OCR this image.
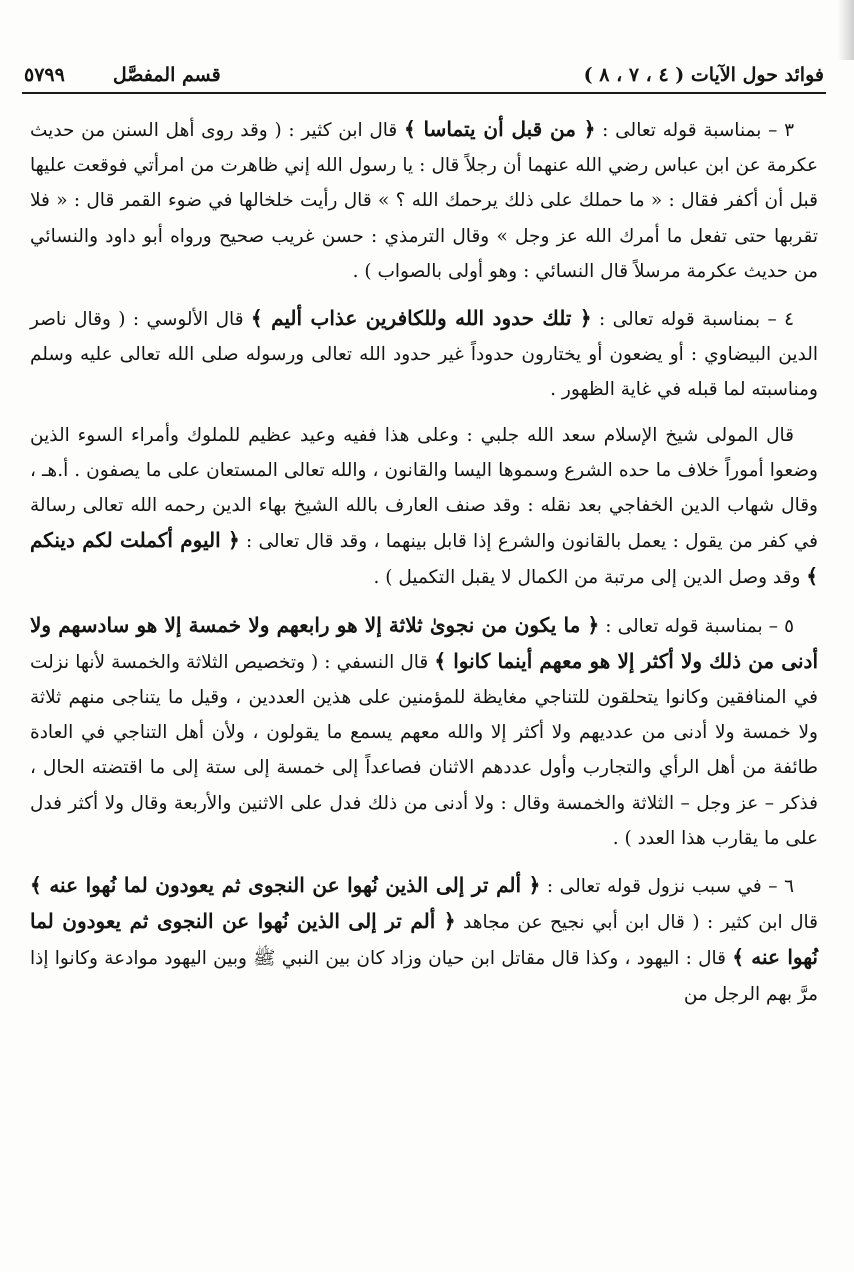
فوائد حول الآيات ( ٤ ، ٧ ، ٨ )
قسم المفصَّل
٥٧٩٩

٣ – بمناسبة قوله تعالى : ﴿ من قبل أن يتماسا ﴾ قال ابن كثير : ( وقد روى أهل السنن من حديث عكرمة عن ابن عباس رضي الله عنهما أن رجلاً قال : يا رسول الله إني ظاهرت من امرأتي فوقعت عليها قبل أن أكفر فقال : « ما حملك على ذلك يرحمك الله ؟ » قال رأيت خلخالها في ضوء القمر قال : « فلا تقربها حتى تفعل ما أمرك الله عز وجل » وقال الترمذي : حسن غريب صحيح ورواه أبو داود والنسائي من حديث عكرمة مرسلاً قال النسائي : وهو أولى بالصواب ) .

٤ – بمناسبة قوله تعالى : ﴿ تلك حدود الله وللكافرين عذاب أليم ﴾ قال الألوسي : ( وقال ناصر الدين البيضاوي : أو يضعون أو يختارون حدوداً غير حدود الله تعالى ورسوله صلى الله تعالى عليه وسلم ومناسبته لما قبله في غاية الظهور .

قال المولى شيخ الإسلام سعد الله جلبي : وعلى هذا ففيه وعيد عظيم للملوك وأمراء السوء الذين وضعوا أموراً خلاف ما حده الشرع وسموها اليسا والقانون ، والله تعالى المستعان على ما يصفون . أ.هـ ، وقال شهاب الدين الخفاجي بعد نقله : وقد صنف العارف بالله الشيخ بهاء الدين رحمه الله تعالى رسالة في كفر من يقول : يعمل بالقانون والشرع إذا قابل بينهما ، وقد قال تعالى : ﴿ اليوم أكملت لكم دينكم ﴾ وقد وصل الدين إلى مرتبة من الكمال لا يقبل التكميل ) .

٥ – بمناسبة قوله تعالى : ﴿ ما يكون من نجوىٰ ثلاثة إلا هو رابعهم ولا خمسة إلا هو سادسهم ولا أدنى من ذلك ولا أكثر إلا هو معهم أينما كانوا ﴾ قال النسفي : ( وتخصيص الثلاثة والخمسة لأنها نزلت في المنافقين وكانوا يتحلقون للتناجي مغايظة للمؤمنين على هذين العددين ، وقيل ما يتناجى منهم ثلاثة ولا خمسة ولا أدنى من عدديهم ولا أكثر إلا والله معهم يسمع ما يقولون ، ولأن أهل التناجي في العادة طائفة من أهل الرأي والتجارب وأول عددهم الاثنان فصاعداً إلى خمسة إلى ستة إلى ما اقتضته الحال ، فذكر – عز وجل – الثلاثة والخمسة وقال : ولا أدنى من ذلك فدل على الاثنين والأربعة وقال ولا أكثر فدل على ما يقارب هذا العدد ) .

٦ – في سبب نزول قوله تعالى : ﴿ ألم تر إلى الذين نُهوا عن النجوى ثم يعودون لما نُهوا عنه ﴾ قال ابن كثير : ( قال ابن أبي نجيح عن مجاهد ﴿ ألم تر إلى الذين نُهوا عن النجوى ثم يعودون لما نُهوا عنه ﴾ قال : اليهود ، وكذا قال مقاتل ابن حيان وزاد كان بين النبي ﷺ وبين اليهود موادعة وكانوا إذا مرَّ بهم الرجل من
